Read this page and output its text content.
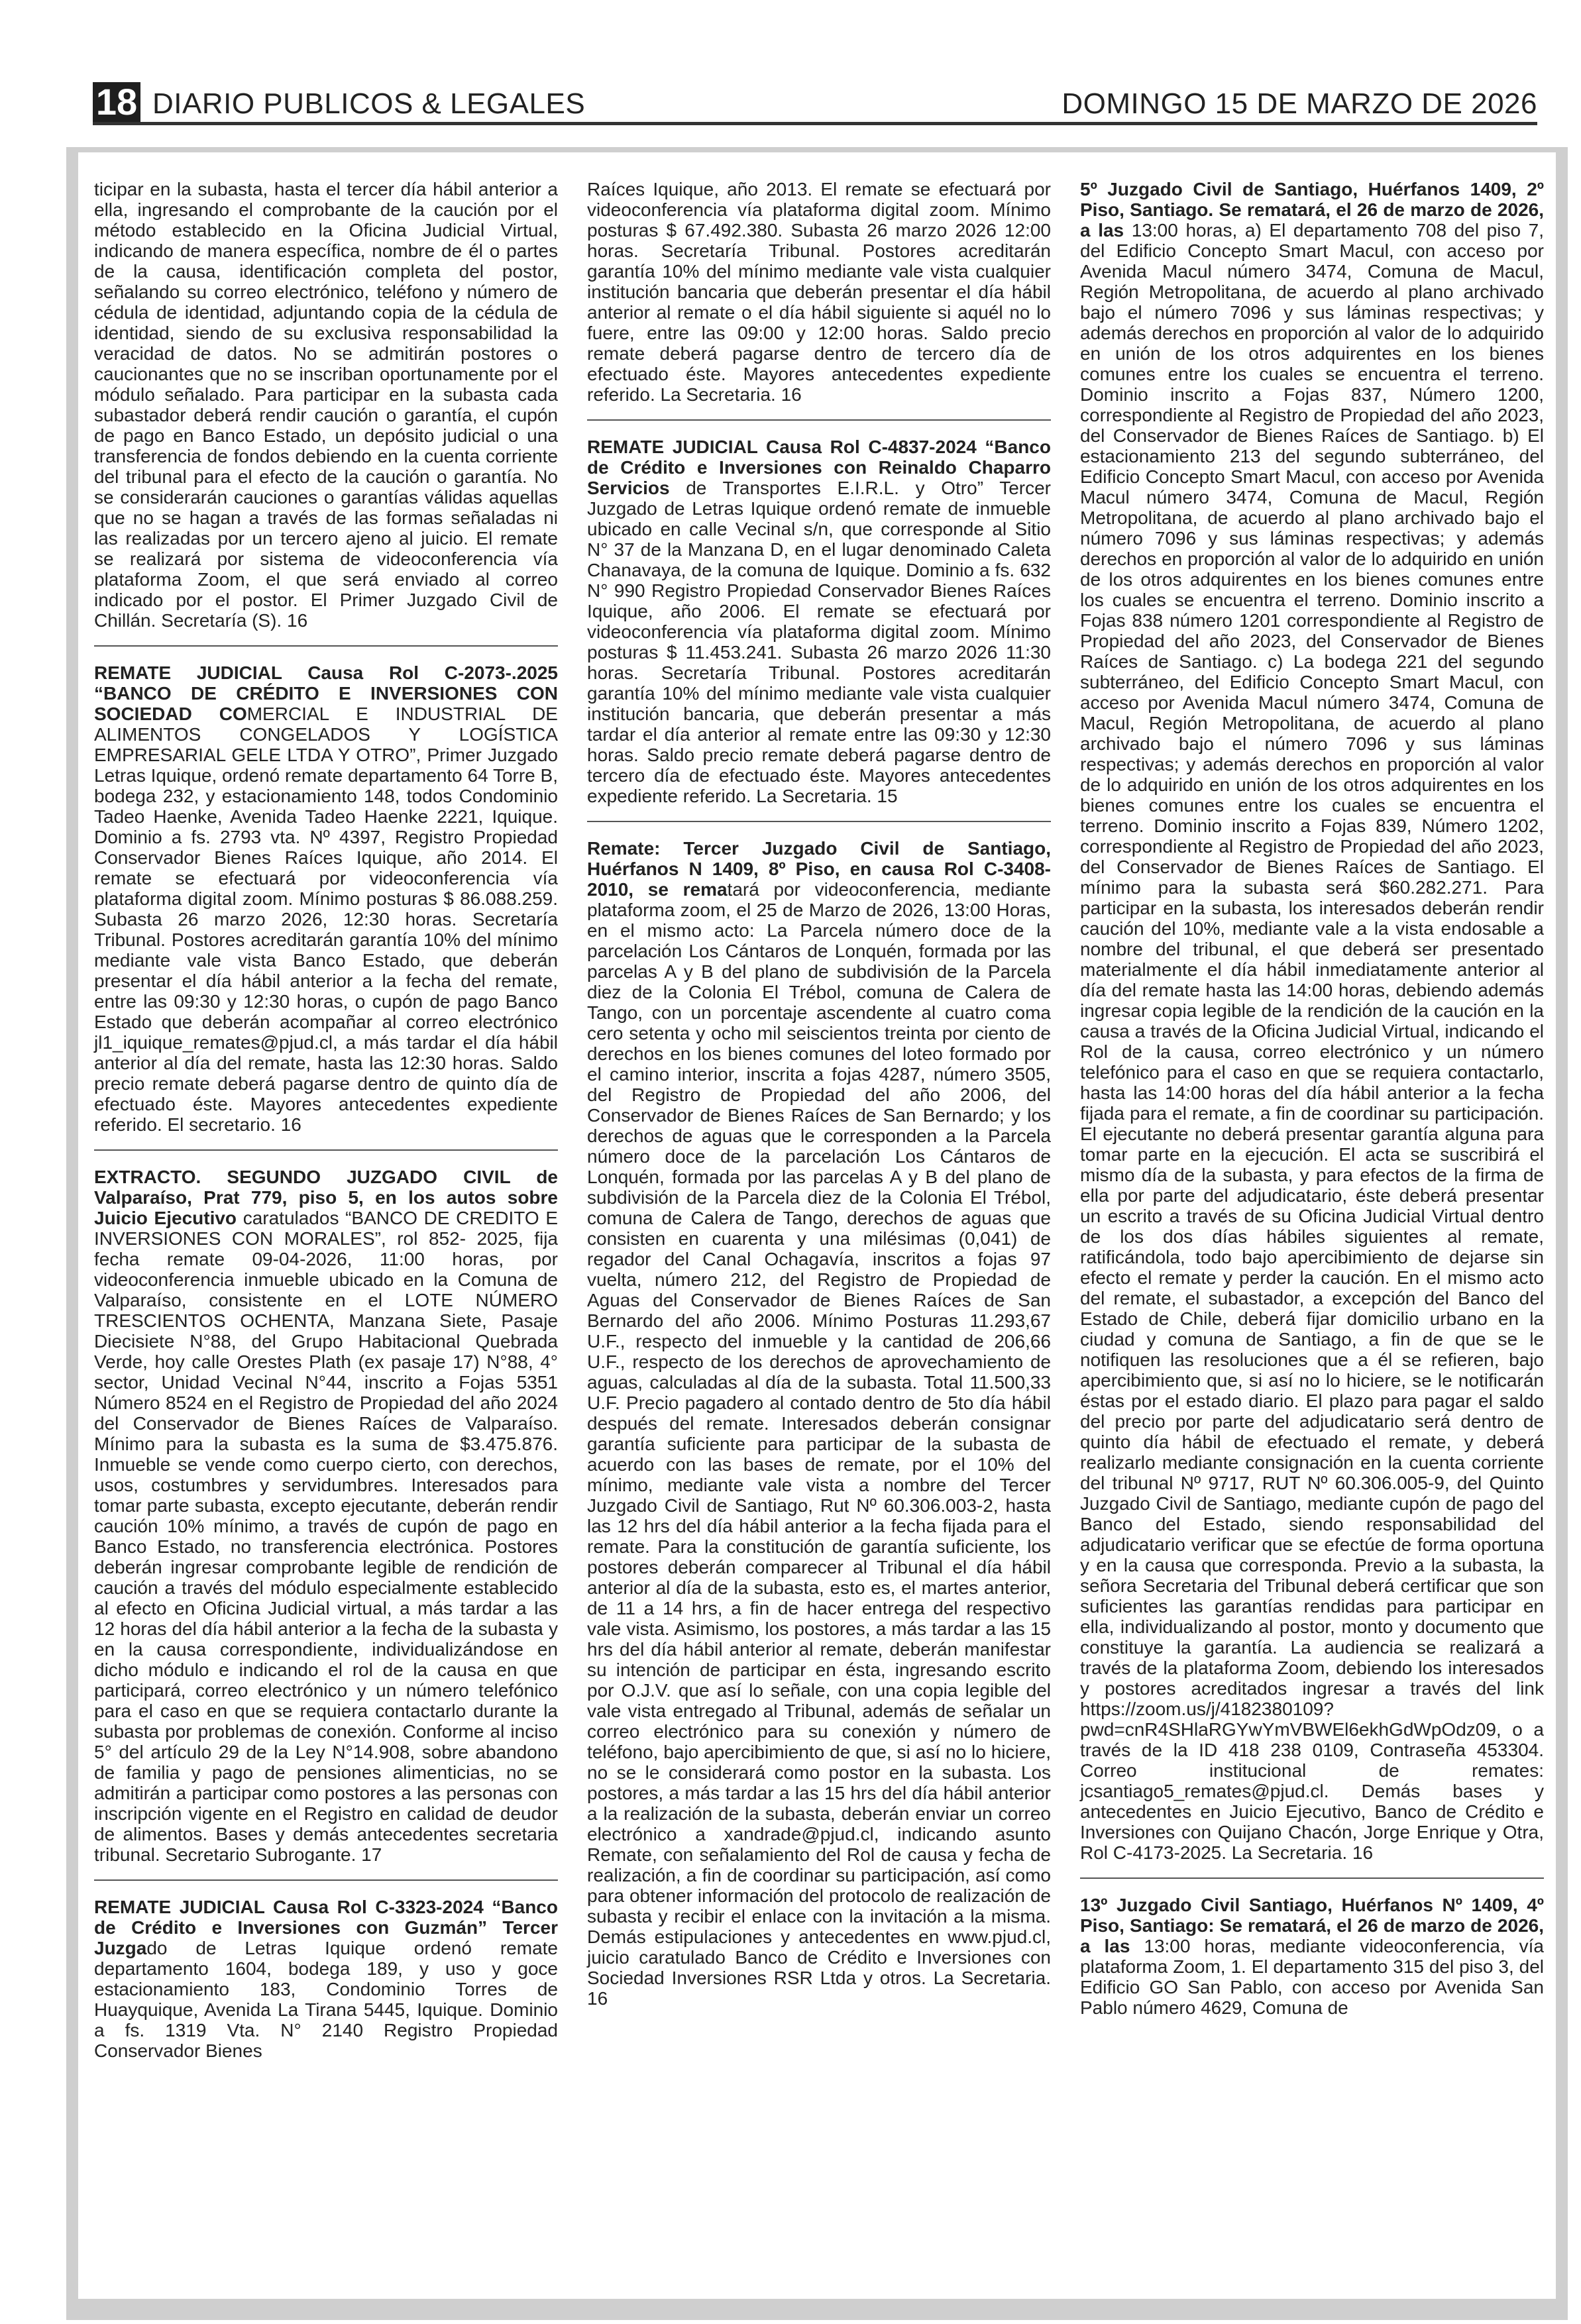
18 DIARIO PUBLICOS & LEGALES	DOMINGO 15 DE MARZO DE 2026

ticipar en la subasta, hasta el tercer día hábil anterior a ella, ingresando el comprobante de la caución por el método establecido en la Oficina Judicial Virtual, indicando de manera específica, nombre de él o partes de la causa, identificación completa del postor, señalando su correo electrónico, teléfono y número de cédula de identidad, adjuntando copia de la cédula de identidad, siendo de su exclusiva responsabilidad la veracidad de datos. No se admitirán postores o caucionantes que no se inscriban oportunamente por el módulo señalado. Para participar en la subasta cada subastador deberá rendir caución o garantía, el cupón de pago en Banco Estado, un depósito judicial o una transferencia de fondos debiendo en la cuenta corriente del tribunal para el efecto de la caución o garantía. No se considerarán cauciones o garantías válidas aquellas que no se hagan a través de las formas señaladas ni las realizadas por un tercero ajeno al juicio. El remate se realizará por sistema de videoconferencia vía plataforma Zoom, el que será enviado al correo indicado por el postor. El Primer Juzgado Civil de Chillán. Secretaría (S). 16

REMATE JUDICIAL Causa Rol C-2073-.2025 “BANCO DE CRÉDITO E INVERSIONES CON SOCIEDAD COMERCIAL E INDUSTRIAL DE ALIMENTOS CONGELADOS Y LOGÍSTICA EMPRESARIAL GELE LTDA Y OTRO”, Primer Juzgado Letras Iquique, ordenó remate departamento 64 Torre B, bodega 232, y estacionamiento 148, todos Condominio Tadeo Haenke, Avenida Tadeo Haenke 2221, Iquique. Dominio a fs. 2793 vta. Nº 4397, Registro Propiedad Conservador Bienes Raíces Iquique, año 2014. El remate se efectuará por videoconferencia vía plataforma digital zoom. Mínimo posturas $ 86.088.259. Subasta 26 marzo 2026, 12:30 horas. Secretaría Tribunal. Postores acreditarán garantía 10% del mínimo mediante vale vista Banco Estado, que deberán presentar el día hábil anterior a la fecha del remate, entre las 09:30 y 12:30 horas, o cupón de pago Banco Estado que deberán acompañar al correo electrónico jl1_iquique_remates@pjud.cl, a más tardar el día hábil anterior al día del remate, hasta las 12:30 horas. Saldo precio remate deberá pagarse dentro de quinto día de efectuado éste. Mayores antecedentes expediente referido. El secretario. 16

EXTRACTO. SEGUNDO JUZGADO CIVIL de Valparaíso, Prat 779, piso 5, en los autos sobre Juicio Ejecutivo caratulados “BANCO DE CREDITO E INVERSIONES CON MORALES”, rol 852- 2025, fija fecha remate 09-04-2026, 11:00 horas, por videoconferencia inmueble ubicado en la Comuna de Valparaíso, consistente en el LOTE NÚMERO TRESCIENTOS OCHENTA, Manzana Siete, Pasaje Diecisiete N°88, del Grupo Habitacional Quebrada Verde, hoy calle Orestes Plath (ex pasaje 17) N°88, 4° sector, Unidad Vecinal N°44, inscrito a Fojas 5351 Número 8524 en el Registro de Propiedad del año 2024 del Conservador de Bienes Raíces de Valparaíso. Mínimo para la subasta es la suma de $3.475.876. Inmueble se vende como cuerpo cierto, con derechos, usos, costumbres y servidumbres. Interesados para tomar parte subasta, excepto ejecutante, deberán rendir caución 10% mínimo, a través de cupón de pago en Banco Estado, no transferencia electrónica. Postores deberán ingresar comprobante legible de rendición de caución a través del módulo especialmente establecido al efecto en Oficina Judicial virtual, a más tardar a las 12 horas del día hábil anterior a la fecha de la subasta y en la causa correspondiente, individualizándose en dicho módulo e indicando el rol de la causa en que participará, correo electrónico y un número telefónico para el caso en que se requiera contactarlo durante la subasta por problemas de conexión. Conforme al inciso 5° del artículo 29 de la Ley N°14.908, sobre abandono de familia y pago de pensiones alimenticias, no se admitirán a participar como postores a las personas con inscripción vigente en el Registro en calidad de deudor de alimentos. Bases y demás antecedentes secretaria tribunal. Secretario Subrogante. 17

REMATE JUDICIAL Causa Rol C-3323-2024 “Banco de Crédito e Inversiones con Guzmán” Tercer Juzgado de Letras Iquique ordenó remate departamento 1604, bodega 189, y uso y goce estacionamiento 183, Condominio Torres de Huayquique, Avenida La Tirana 5445, Iquique. Dominio a fs. 1319 Vta. N° 2140 Registro Propiedad Conservador Bienes

Raíces Iquique, año 2013. El remate se efectuará por videoconferencia vía plataforma digital zoom. Mínimo posturas $ 67.492.380. Subasta 26 marzo 2026 12:00 horas. Secretaría Tribunal. Postores acreditarán garantía 10% del mínimo mediante vale vista cualquier institución bancaria que deberán presentar el día hábil anterior al remate o el día hábil siguiente si aquél no lo fuere, entre las 09:00 y 12:00 horas. Saldo precio remate deberá pagarse dentro de tercero día de efectuado éste. Mayores antecedentes expediente referido. La Secretaria. 16

REMATE JUDICIAL Causa Rol C-4837-2024 “Banco de Crédito e Inversiones con Reinaldo Chaparro Servicios de Transportes E.I.R.L. y Otro” Tercer Juzgado de Letras Iquique ordenó remate de inmueble ubicado en calle Vecinal s/n, que corresponde al Sitio N° 37 de la Manzana D, en el lugar denominado Caleta Chanavaya, de la comuna de Iquique. Dominio a fs. 632 N° 990 Registro Propiedad Conservador Bienes Raíces Iquique, año 2006. El remate se efectuará por videoconferencia vía plataforma digital zoom. Mínimo posturas $ 11.453.241. Subasta 26 marzo 2026 11:30 horas. Secretaría Tribunal. Postores acreditarán garantía 10% del mínimo mediante vale vista cualquier institución bancaria, que deberán presentar a más tardar el día anterior al remate entre las 09:30 y 12:30 horas. Saldo precio remate deberá pagarse dentro de tercero día de efectuado éste. Mayores antecedentes expediente referido. La Secretaria. 15

Remate: Tercer Juzgado Civil de Santiago, Huérfanos N 1409, 8º Piso, en causa Rol C-3408-2010, se rematará por videoconferencia, mediante plataforma zoom, el 25 de Marzo de 2026, 13:00 Horas, en el mismo acto: La Parcela número doce de la parcelación Los Cántaros de Lonquén, formada por las parcelas A y B del plano de subdivisión de la Parcela diez de la Colonia El Trébol, comuna de Calera de Tango, con un porcentaje ascendente al cuatro coma cero setenta y ocho mil seiscientos treinta por ciento de derechos en los bienes comunes del loteo formado por el camino interior, inscrita a fojas 4287, número 3505, del Registro de Propiedad del año 2006, del Conservador de Bienes Raíces de San Bernardo; y los derechos de aguas que le corresponden a la Parcela número doce de la parcelación Los Cántaros de Lonquén, formada por las parcelas A y B del plano de subdivisión de la Parcela diez de la Colonia El Trébol, comuna de Calera de Tango, derechos de aguas que consisten en cuarenta y una milésimas (0,041) de regador del Canal Ochagavía, inscritos a fojas 97 vuelta, número 212, del Registro de Propiedad de Aguas del Conservador de Bienes Raíces de San Bernardo del año 2006. Mínimo Posturas 11.293,67 U.F., respecto del inmueble y la cantidad de 206,66 U.F., respecto de los derechos de aprovechamiento de aguas, calculadas al día de la subasta. Total 11.500,33 U.F. Precio pagadero al contado dentro de 5to día hábil después del remate. Interesados deberán consignar garantía suficiente para participar de la subasta de acuerdo con las bases de remate, por el 10% del mínimo, mediante vale vista a nombre del Tercer Juzgado Civil de Santiago, Rut Nº 60.306.003-2, hasta las 12 hrs del día hábil anterior a la fecha fijada para el remate. Para la constitución de garantía suficiente, los postores deberán comparecer al Tribunal el día hábil anterior al día de la subasta, esto es, el martes anterior, de 11 a 14 hrs, a fin de hacer entrega del respectivo vale vista. Asimismo, los postores, a más tardar a las 15 hrs del día hábil anterior al remate, deberán manifestar su intención de participar en ésta, ingresando escrito por O.J.V. que así lo señale, con una copia legible del vale vista entregado al Tribunal, además de señalar un correo electrónico para su conexión y número de teléfono, bajo apercibimiento de que, si así no lo hiciere, no se le considerará como postor en la subasta. Los postores, a más tardar a las 15 hrs del día hábil anterior a la realización de la subasta, deberán enviar un correo electrónico a xandrade@pjud.cl, indicando asunto Remate, con señalamiento del Rol de causa y fecha de realización, a fin de coordinar su participación, así como para obtener información del protocolo de realización de subasta y recibir el enlace con la invitación a la misma. Demás estipulaciones y antecedentes en www.pjud.cl, juicio caratulado Banco de Crédito e Inversiones con Sociedad Inversiones RSR Ltda y otros. La Secretaria. 16

5º Juzgado Civil de Santiago, Huérfanos 1409, 2º Piso, Santiago. Se rematará, el 26 de marzo de 2026, a las 13:00 horas, a) El departamento 708 del piso 7, del Edificio Concepto Smart Macul, con acceso por Avenida Macul número 3474, Comuna de Macul, Región Metropolitana, de acuerdo al plano archivado bajo el número 7096 y sus láminas respectivas; y además derechos en proporción al valor de lo adquirido en unión de los otros adquirentes en los bienes comunes entre los cuales se encuentra el terreno. Dominio inscrito a Fojas 837, Número 1200, correspondiente al Registro de Propiedad del año 2023, del Conservador de Bienes Raíces de Santiago. b) El estacionamiento 213 del segundo subterráneo, del Edificio Concepto Smart Macul, con acceso por Avenida Macul número 3474, Comuna de Macul, Región Metropolitana, de acuerdo al plano archivado bajo el número 7096 y sus láminas respectivas; y además derechos en proporción al valor de lo adquirido en unión de los otros adquirentes en los bienes comunes entre los cuales se encuentra el terreno. Dominio inscrito a Fojas 838 número 1201 correspondiente al Registro de Propiedad del año 2023, del Conservador de Bienes Raíces de Santiago. c) La bodega 221 del segundo subterráneo, del Edificio Concepto Smart Macul, con acceso por Avenida Macul número 3474, Comuna de Macul, Región Metropolitana, de acuerdo al plano archivado bajo el número 7096 y sus láminas respectivas; y además derechos en proporción al valor de lo adquirido en unión de los otros adquirentes en los bienes comunes entre los cuales se encuentra el terreno. Dominio inscrito a Fojas 839, Número 1202, correspondiente al Registro de Propiedad del año 2023, del Conservador de Bienes Raíces de Santiago. El mínimo para la subasta será $60.282.271. Para participar en la subasta, los interesados deberán rendir caución del 10%, mediante vale a la vista endosable a nombre del tribunal, el que deberá ser presentado materialmente el día hábil inmediatamente anterior al día del remate hasta las 14:00 horas, debiendo además ingresar copia legible de la rendición de la caución en la causa a través de la Oficina Judicial Virtual, indicando el Rol de la causa, correo electrónico y un número telefónico para el caso en que se requiera contactarlo, hasta las 14:00 horas del día hábil anterior a la fecha fijada para el remate, a fin de coordinar su participación. El ejecutante no deberá presentar garantía alguna para tomar parte en la ejecución. El acta se suscribirá el mismo día de la subasta, y para efectos de la firma de ella por parte del adjudicatario, éste deberá presentar un escrito a través de su Oficina Judicial Virtual dentro de los dos días hábiles siguientes al remate, ratificándola, todo bajo apercibimiento de dejarse sin efecto el remate y perder la caución. En el mismo acto del remate, el subastador, a excepción del Banco del Estado de Chile, deberá fijar domicilio urbano en la ciudad y comuna de Santiago, a fin de que se le notifiquen las resoluciones que a él se refieren, bajo apercibimiento que, si así no lo hiciere, se le notificarán éstas por el estado diario. El plazo para pagar el saldo del precio por parte del adjudicatario será dentro de quinto día hábil de efectuado el remate, y deberá realizarlo mediante consignación en la cuenta corriente del tribunal Nº 9717, RUT Nº 60.306.005-9, del Quinto Juzgado Civil de Santiago, mediante cupón de pago del Banco del Estado, siendo responsabilidad del adjudicatario verificar que se efectúe de forma oportuna y en la causa que corresponda. Previo a la subasta, la señora Secretaria del Tribunal deberá certificar que son suficientes las garantías rendidas para participar en ella, individualizando al postor, monto y documento que constituye la garantía. La audiencia se realizará a través de la plataforma Zoom, debiendo los interesados y postores acreditados ingresar a través del link https://zoom.us/j/4182380109?pwd=cnR4SHlaRGYwYmVBWEl6ekhGdWpOdz09, o a través de la ID 418 238 0109, Contraseña 453304. Correo institucional de remates: jcsantiago5_remates@pjud.cl. Demás bases y antecedentes en Juicio Ejecutivo, Banco de Crédito e Inversiones con Quijano Chacón, Jorge Enrique y Otra, Rol C-4173-2025. La Secretaria. 16

13º Juzgado Civil Santiago, Huérfanos Nº 1409, 4º Piso, Santiago: Se rematará, el 26 de marzo de 2026, a las 13:00 horas, mediante videoconferencia, vía plataforma Zoom, 1. El departamento 315 del piso 3, del Edificio GO San Pablo, con acceso por Avenida San Pablo número 4629, Comuna de
